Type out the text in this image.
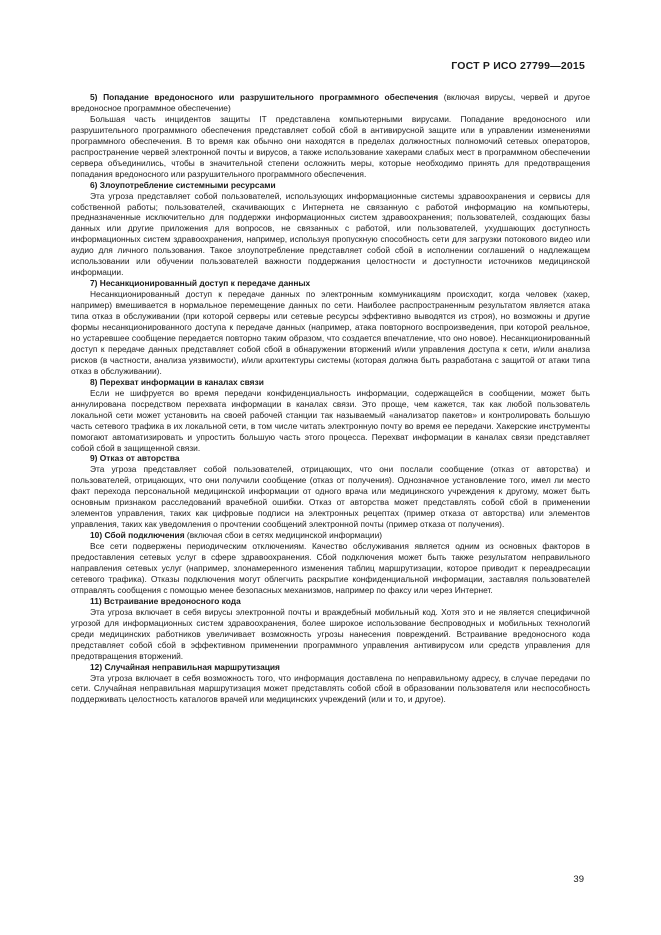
ГОСТ Р ИСО 27799—2015

5) Попадание вредоносного или разрушительного программного обеспечения (включая вирусы, червей и другое вредоносное программное обеспечение)

Большая часть инцидентов защиты IT представлена компьютерными вирусами. Попадание вредоносного или разрушительного программного обеспечения представляет собой сбой в антивирусной защите или в управлении изменениями программного обеспечения. В то время как обычно они находятся в пределах должностных полномочий сетевых операторов, распространение червей электронной почты и вирусов, а также использование хакерами слабых мест в программном обеспечении сервера объединились, чтобы в значительной степени осложнить меры, которые необходимо принять для предотвращения попадания вредоносного или разрушительного программного обеспечения.

6) Злоупотребление системными ресурсами

Эта угроза представляет собой пользователей, использующих информационные системы здравоохранения и сервисы для собственной работы; пользователей, скачивающих с Интернета не связанную с работой информацию на компьютеры, предназначенные исключительно для поддержки информационных систем здравоохранения; пользователей, создающих базы данных или другие приложения для вопросов, не связанных с работой, или пользователей, ухудшающих доступность информационных систем здравоохранения, например, используя пропускную способность сети для загрузки потокового видео или аудио для личного пользования. Такое злоупотребление представляет собой сбой в исполнении соглашений о надлежащем использовании или обучении пользователей важности поддержания целостности и доступности источников медицинской информации.

7) Несанкционированный доступ к передаче данных

Несанкционированный доступ к передаче данных по электронным коммуникациям происходит, когда человек (хакер, например) вмешивается в нормальное перемещение данных по сети. Наиболее распространенным результатом является атака типа отказ в обслуживании (при которой серверы или сетевые ресурсы эффективно выводятся из строя), но возможны и другие формы несанкционированного доступа к передаче данных (например, атака повторного воспроизведения, при которой реальное, но устаревшее сообщение передается повторно таким образом, что создается впечатление, что оно новое). Несанкционированный доступ к передаче данных представляет собой сбой в обнаружении вторжений и/или управления доступа к сети, и/или анализа рисков (в частности, анализа уязвимости), и/или архитектуры системы (которая должна быть разработана с защитой от атаки типа отказ в обслуживании).

8) Перехват информации в каналах связи

Если не шифруется во время передачи конфиденциальность информации, содержащейся в сообщении, может быть аннулирована посредством перехвата информации в каналах связи. Это проще, чем кажется, так как любой пользователь локальной сети может установить на своей рабочей станции так называемый «анализатор пакетов» и контролировать большую часть сетевого трафика в их локальной сети, в том числе читать электронную почту во время ее передачи. Хакерские инструменты помогают автоматизировать и упростить большую часть этого процесса. Перехват информации в каналах связи представляет собой сбой в защищенной связи.

9) Отказ от авторства

Эта угроза представляет собой пользователей, отрицающих, что они послали сообщение (отказ от авторства) и пользователей, отрицающих, что они получили сообщение (отказ от получения). Однозначное установление того, имел ли место факт перехода персональной медицинской информации от одного врача или медицинского учреждения к другому, может быть основным признаком расследований врачебной ошибки. Отказ от авторства может представлять собой сбой в применении элементов управления, таких как цифровые подписи на электронных рецептах (пример отказа от авторства) или элементов управления, таких как уведомления о прочтении сообщений электронной почты (пример отказа от получения).

10) Сбой подключения (включая сбои в сетях медицинской информации)

Все сети подвержены периодическим отключениям. Качество обслуживания является одним из основных факторов в предоставления сетевых услуг в сфере здравоохранения. Сбой подключения может быть также результатом неправильного направления сетевых услуг (например, злонамеренного изменения таблиц маршрутизации, которое приводит к переадресации сетевого трафика). Отказы подключения могут облегчить раскрытие конфиденциальной информации, заставляя пользователей отправлять сообщения с помощью менее безопасных механизмов, например по факсу или через Интернет.

11) Встраивание вредоносного кода

Эта угроза включает в себя вирусы электронной почты и враждебный мобильный код. Хотя это и не является специфичной угрозой для информационных систем здравоохранения, более широкое использование беспроводных и мобильных технологий среди медицинских работников увеличивает возможность угрозы нанесения повреждений. Встраивание вредоносного кода представляет собой сбой в эффективном применении программного управления антивирусом или средств управления для предотвращения вторжений.

12) Случайная неправильная маршрутизация

Эта угроза включает в себя возможность того, что информация доставлена по неправильному адресу, в случае передачи по сети. Случайная неправильная маршрутизация может представлять собой сбой в образовании пользователя или неспособность поддерживать целостность каталогов врачей или медицинских учреждений (или и то, и другое).

39
